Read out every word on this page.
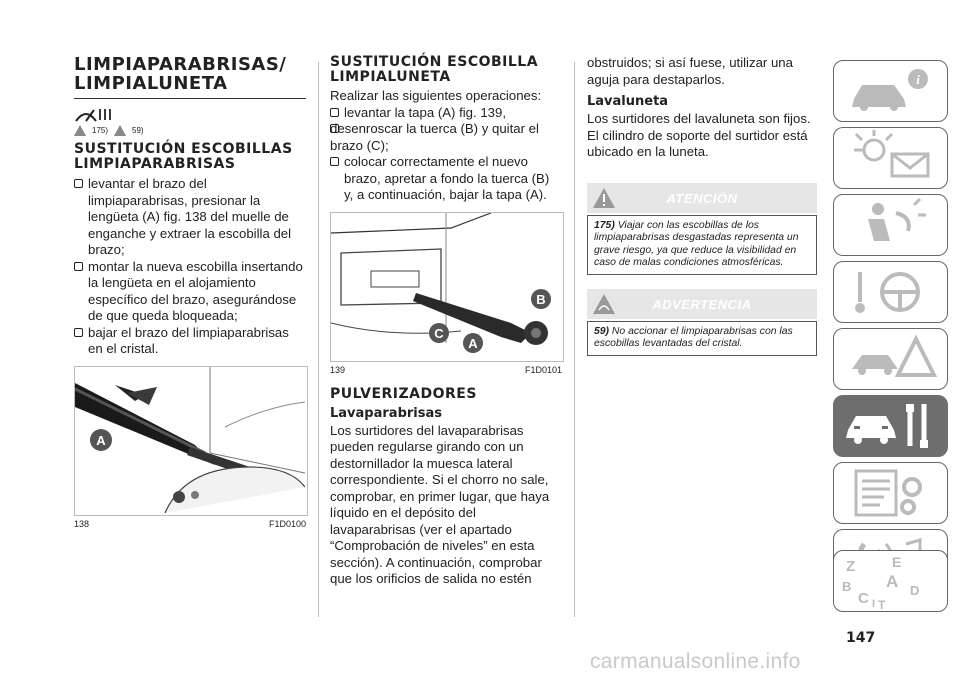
LIMPIAPARABRISAS/ LIMPIALUNETA
175)	59)
SUSTITUCIÓN ESCOBILLAS LIMPIAPARABRISAS
levantar el brazo del limpiaparabrisas, presionar la lengüeta (A) fig. 138 del muelle de enganche y extraer la escobilla del brazo;
montar la nueva escobilla insertando la lengüeta en el alojamiento específico del brazo, asegurándose de que queda bloqueada;
bajar el brazo del limpiaparabrisas en el cristal.
A
138	F1D0100
SUSTITUCIÓN ESCOBILLA LIMPIALUNETA

Realizar las siguientes operaciones:

levantar la tapa (A) fig. 139,
desenroscar la tuerca (B) y quitar el brazo (C);
colocar correctamente el nuevo brazo, apretar a fondo la tuerca (B) y, a continuación, bajar la tapa (A).
B
C
A
139	F1D0101
PULVERIZADORES
Lavaparabrisas

Los surtidores del lavaparabrisas pueden regularse girando con un destornillador la muesca lateral correspondiente. Si el chorro no sale, comprobar, en primer lugar, que haya líquido en el depósito del lavaparabrisas (ver el apartado “Comprobación de niveles” en esta sección). A continuación, comprobar que los orificios de salida no estén

obstruidos; si así fuese, utilizar una aguja para destaparlos.

Lavaluneta

Los surtidores del lavaluneta son fijos. El cilindro de soporte del surtidor está ubicado en la luneta.

ATENCIÓN
175) Viajar con las escobillas de los limpiaparabrisas desgastadas representa un grave riesgo, ya que reduce la visibilidad en caso de malas condiciones atmosféricas.
ADVERTENCIA
59) No accionar el limpiaparabrisas con las escobillas levantadas del cristal.
i
Z	E
B A
C	D
I T
147
carmanualsonline.info
